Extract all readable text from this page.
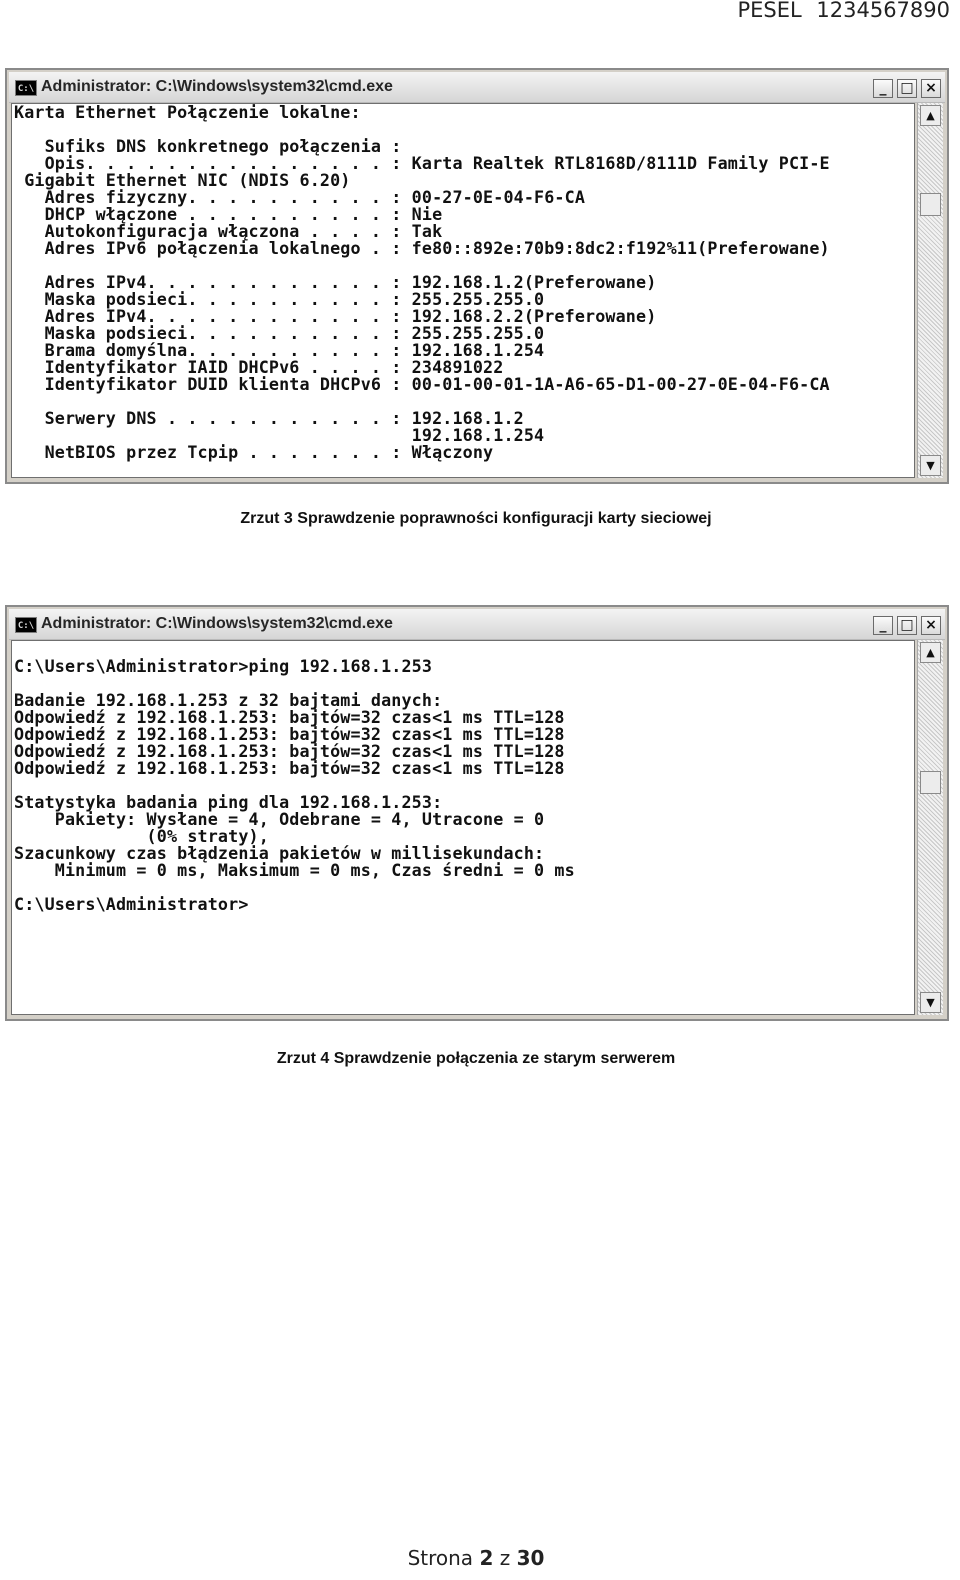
PESEL 1234567890
C:\ Administrator: C:\Windows\system32\cmd.exe	_ □ ×
Karta Ethernet Połączenie lokalne:

Sufiks DNS konkretnego połączenia :
Opis. . . . . . . . . . . . . . . : Karta Realtek RTL8168D/8111D Family PCI-E
Gigabit Ethernet NIC (NDIS 6.20)
Adres fizyczny. . . . . . . . . . : 00-27-0E-04-F6-CA
DHCP włączone . . . . . . . . . . : Nie
Autokonfiguracja włączona . . . . : Tak
Adres IPv6 połączenia lokalnego . : fe80::892e:70b9:8dc2:f192%11(Preferowane)

Adres IPv4. . . . . . . . . . . . : 192.168.1.2(Preferowane)
Maska podsieci. . . . . . . . . . : 255.255.255.0
Adres IPv4. . . . . . . . . . . . : 192.168.2.2(Preferowane)
Maska podsieci. . . . . . . . . . : 255.255.255.0
Brama domyślna. . . . . . . . . . : 192.168.1.254
Identyfikator IAID DHCPv6 . . . . : 234891022
Identyfikator DUID klienta DHCPv6 : 00-01-00-01-1A-A6-65-D1-00-27-0E-04-F6-CA

Serwery DNS . . . . . . . . . . . : 192.168.1.2
192.168.1.254
NetBIOS przez Tcpip . . . . . . . : Włączony
▲
▼
Zrzut 3 Sprawdzenie poprawności konfiguracji karty sieciowej
C:\ Administrator: C:\Windows\system32\cmd.exe	_ □ ×

C:\Users\Administrator>ping 192.168.1.253

Badanie 192.168.1.253 z 32 bajtami danych:
Odpowiedź z 192.168.1.253: bajtów=32 czas<1 ms TTL=128
Odpowiedź z 192.168.1.253: bajtów=32 czas<1 ms TTL=128
Odpowiedź z 192.168.1.253: bajtów=32 czas<1 ms TTL=128
Odpowiedź z 192.168.1.253: bajtów=32 czas<1 ms TTL=128

Statystyka badania ping dla 192.168.1.253:
Pakiety: Wysłane = 4, Odebrane = 4, Utracone = 0
(0% straty),
Szacunkowy czas błądzenia pakietów w millisekundach:
Minimum = 0 ms, Maksimum = 0 ms, Czas średni = 0 ms

C:\Users\Administrator>
▲
▼
Zrzut 4 Sprawdzenie połączenia ze starym serwerem
Strona 2 z 30
